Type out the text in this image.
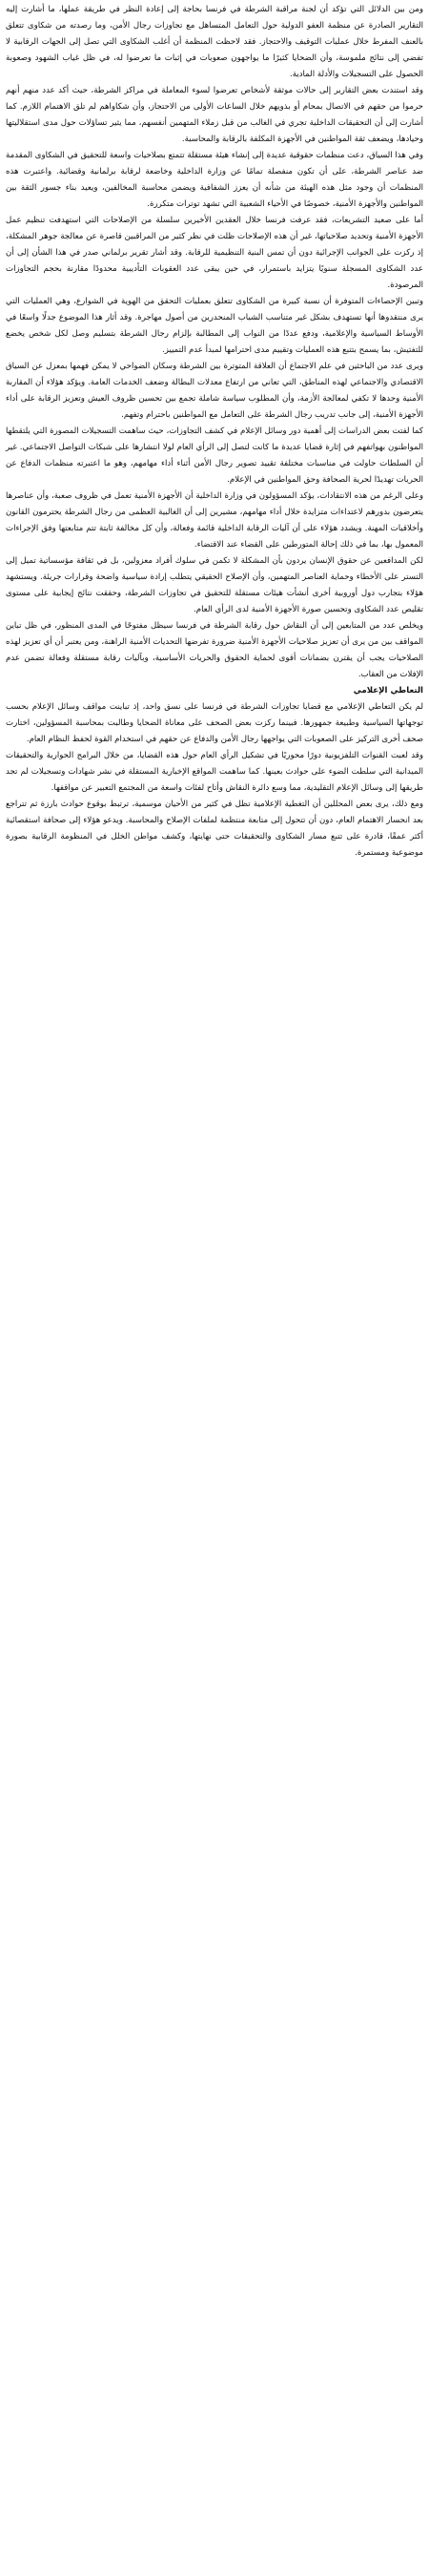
ومن بين الدلائل التي تؤكد أن لجنة مراقبة الشرطة في فرنسا بحاجة إلى إعادة النظر في طريقة عملها، ما أشارت إليه التقارير الصادرة عن منظمة العفو الدولية حول التعامل المتساهل مع تجاوزات رجال الأمن، وما رصدته من شكاوى تتعلق بالعنف المفرط خلال عمليات التوقيف والاحتجاز. فقد لاحظت المنظمة أن أغلب الشكاوى التي تصل إلى الجهات الرقابية لا تفضي إلى نتائج ملموسة، وأن الضحايا كثيرًا ما يواجهون صعوبات في إثبات ما تعرضوا له، في ظل غياب الشهود وصعوبة الحصول على التسجيلات والأدلة المادية.

وقد استندت بعض التقارير إلى حالات موثقة لأشخاص تعرضوا لسوء المعاملة في مراكز الشرطة، حيث أكد عدد منهم أنهم حرموا من حقهم في الاتصال بمحام أو بذويهم خلال الساعات الأولى من الاحتجاز، وأن شكاواهم لم تلق الاهتمام اللازم. كما أشارت إلى أن التحقيقات الداخلية تجري في الغالب من قبل زملاء المتهمين أنفسهم، مما يثير تساؤلات حول مدى استقلاليتها وحيادها، ويضعف ثقة المواطنين في الأجهزة المكلفة بالرقابة والمحاسبة.

وفي هذا السياق، دعت منظمات حقوقية عديدة إلى إنشاء هيئة مستقلة تتمتع بصلاحيات واسعة للتحقيق في الشكاوى المقدمة ضد عناصر الشرطة، على أن تكون منفصلة تمامًا عن وزارة الداخلية وخاضعة لرقابة برلمانية وقضائية. واعتبرت هذه المنظمات أن وجود مثل هذه الهيئة من شأنه أن يعزز الشفافية ويضمن محاسبة المخالفين، ويعيد بناء جسور الثقة بين المواطنين والأجهزة الأمنية، خصوصًا في الأحياء الشعبية التي تشهد توترات متكررة.

أما على صعيد التشريعات، فقد عرفت فرنسا خلال العقدين الأخيرين سلسلة من الإصلاحات التي استهدفت تنظيم عمل الأجهزة الأمنية وتحديد صلاحياتها، غير أن هذه الإصلاحات ظلت في نظر كثير من المراقبين قاصرة عن معالجة جوهر المشكلة، إذ ركزت على الجوانب الإجرائية دون أن تمس البنية التنظيمية للرقابة. وقد أشار تقرير برلماني صدر في هذا الشأن إلى أن عدد الشكاوى المسجلة سنويًا يتزايد باستمرار، في حين يبقى عدد العقوبات التأديبية محدودًا مقارنة بحجم التجاوزات المرصودة.

وتبين الإحصاءات المتوفرة أن نسبة كبيرة من الشكاوى تتعلق بعمليات التحقق من الهوية في الشوارع، وهي العمليات التي يرى منتقدوها أنها تستهدف بشكل غير متناسب الشباب المنحدرين من أصول مهاجرة. وقد أثار هذا الموضوع جدلًا واسعًا في الأوساط السياسية والإعلامية، ودفع عددًا من النواب إلى المطالبة بإلزام رجال الشرطة بتسليم وصل لكل شخص يخضع للتفتيش، بما يسمح بتتبع هذه العمليات وتقييم مدى احترامها لمبدأ عدم التمييز.

ويرى عدد من الباحثين في علم الاجتماع أن العلاقة المتوترة بين الشرطة وسكان الضواحي لا يمكن فهمها بمعزل عن السياق الاقتصادي والاجتماعي لهذه المناطق، التي تعاني من ارتفاع معدلات البطالة وضعف الخدمات العامة. ويؤكد هؤلاء أن المقاربة الأمنية وحدها لا تكفي لمعالجة الأزمة، وأن المطلوب سياسة شاملة تجمع بين تحسين ظروف العيش وتعزيز الرقابة على أداء الأجهزة الأمنية، إلى جانب تدريب رجال الشرطة على التعامل مع المواطنين باحترام وتفهم.

كما لفتت بعض الدراسات إلى أهمية دور وسائل الإعلام في كشف التجاوزات، حيث ساهمت التسجيلات المصورة التي يلتقطها المواطنون بهواتفهم في إثارة قضايا عديدة ما كانت لتصل إلى الرأي العام لولا انتشارها على شبكات التواصل الاجتماعي. غير أن السلطات حاولت في مناسبات مختلفة تقييد تصوير رجال الأمن أثناء أداء مهامهم، وهو ما اعتبرته منظمات الدفاع عن الحريات تهديدًا لحرية الصحافة وحق المواطنين في الإعلام.

وعلى الرغم من هذه الانتقادات، يؤكد المسؤولون في وزارة الداخلية أن الأجهزة الأمنية تعمل في ظروف صعبة، وأن عناصرها يتعرضون بدورهم لاعتداءات متزايدة خلال أداء مهامهم، مشيرين إلى أن الغالبية العظمى من رجال الشرطة يحترمون القانون وأخلاقيات المهنة. ويشدد هؤلاء على أن آليات الرقابة الداخلية قائمة وفعالة، وأن كل مخالفة ثابتة تتم متابعتها وفق الإجراءات المعمول بها، بما في ذلك إحالة المتورطين على القضاء عند الاقتضاء.

لكن المدافعين عن حقوق الإنسان يردون بأن المشكلة لا تكمن في سلوك أفراد معزولين، بل في ثقافة مؤسساتية تميل إلى التستر على الأخطاء وحماية العناصر المتهمين، وأن الإصلاح الحقيقي يتطلب إرادة سياسية واضحة وقرارات جريئة. ويستشهد هؤلاء بتجارب دول أوروبية أخرى أنشأت هيئات مستقلة للتحقيق في تجاوزات الشرطة، وحققت نتائج إيجابية على مستوى تقليص عدد الشكاوى وتحسين صورة الأجهزة الأمنية لدى الرأي العام.

ويخلص عدد من المتابعين إلى أن النقاش حول رقابة الشرطة في فرنسا سيظل مفتوحًا في المدى المنظور، في ظل تباين المواقف بين من يرى أن تعزيز صلاحيات الأجهزة الأمنية ضرورة تفرضها التحديات الأمنية الراهنة، ومن يعتبر أن أي تعزيز لهذه الصلاحيات يجب أن يقترن بضمانات أقوى لحماية الحقوق والحريات الأساسية، وبآليات رقابة مستقلة وفعالة تضمن عدم الإفلات من العقاب.

التعاطي الإعلامي

لم يكن التعاطي الإعلامي مع قضايا تجاوزات الشرطة في فرنسا على نسق واحد، إذ تباينت مواقف وسائل الإعلام بحسب توجهاتها السياسية وطبيعة جمهورها. فبينما ركزت بعض الصحف على معاناة الضحايا وطالبت بمحاسبة المسؤولين، اختارت صحف أخرى التركيز على الصعوبات التي يواجهها رجال الأمن والدفاع عن حقهم في استخدام القوة لحفظ النظام العام.

وقد لعبت القنوات التلفزيونية دورًا محوريًا في تشكيل الرأي العام حول هذه القضايا، من خلال البرامج الحوارية والتحقيقات الميدانية التي سلطت الضوء على حوادث بعينها. كما ساهمت المواقع الإخبارية المستقلة في نشر شهادات وتسجيلات لم تجد طريقها إلى وسائل الإعلام التقليدية، مما وسع دائرة النقاش وأتاح لفئات واسعة من المجتمع التعبير عن مواقفها.

ومع ذلك، يرى بعض المحللين أن التغطية الإعلامية تظل في كثير من الأحيان موسمية، ترتبط بوقوع حوادث بارزة ثم تتراجع بعد انحسار الاهتمام العام، دون أن تتحول إلى متابعة منتظمة لملفات الإصلاح والمحاسبة. ويدعو هؤلاء إلى صحافة استقصائية أكثر عمقًا، قادرة على تتبع مسار الشكاوى والتحقيقات حتى نهايتها، وكشف مواطن الخلل في المنظومة الرقابية بصورة موضوعية ومستمرة.
